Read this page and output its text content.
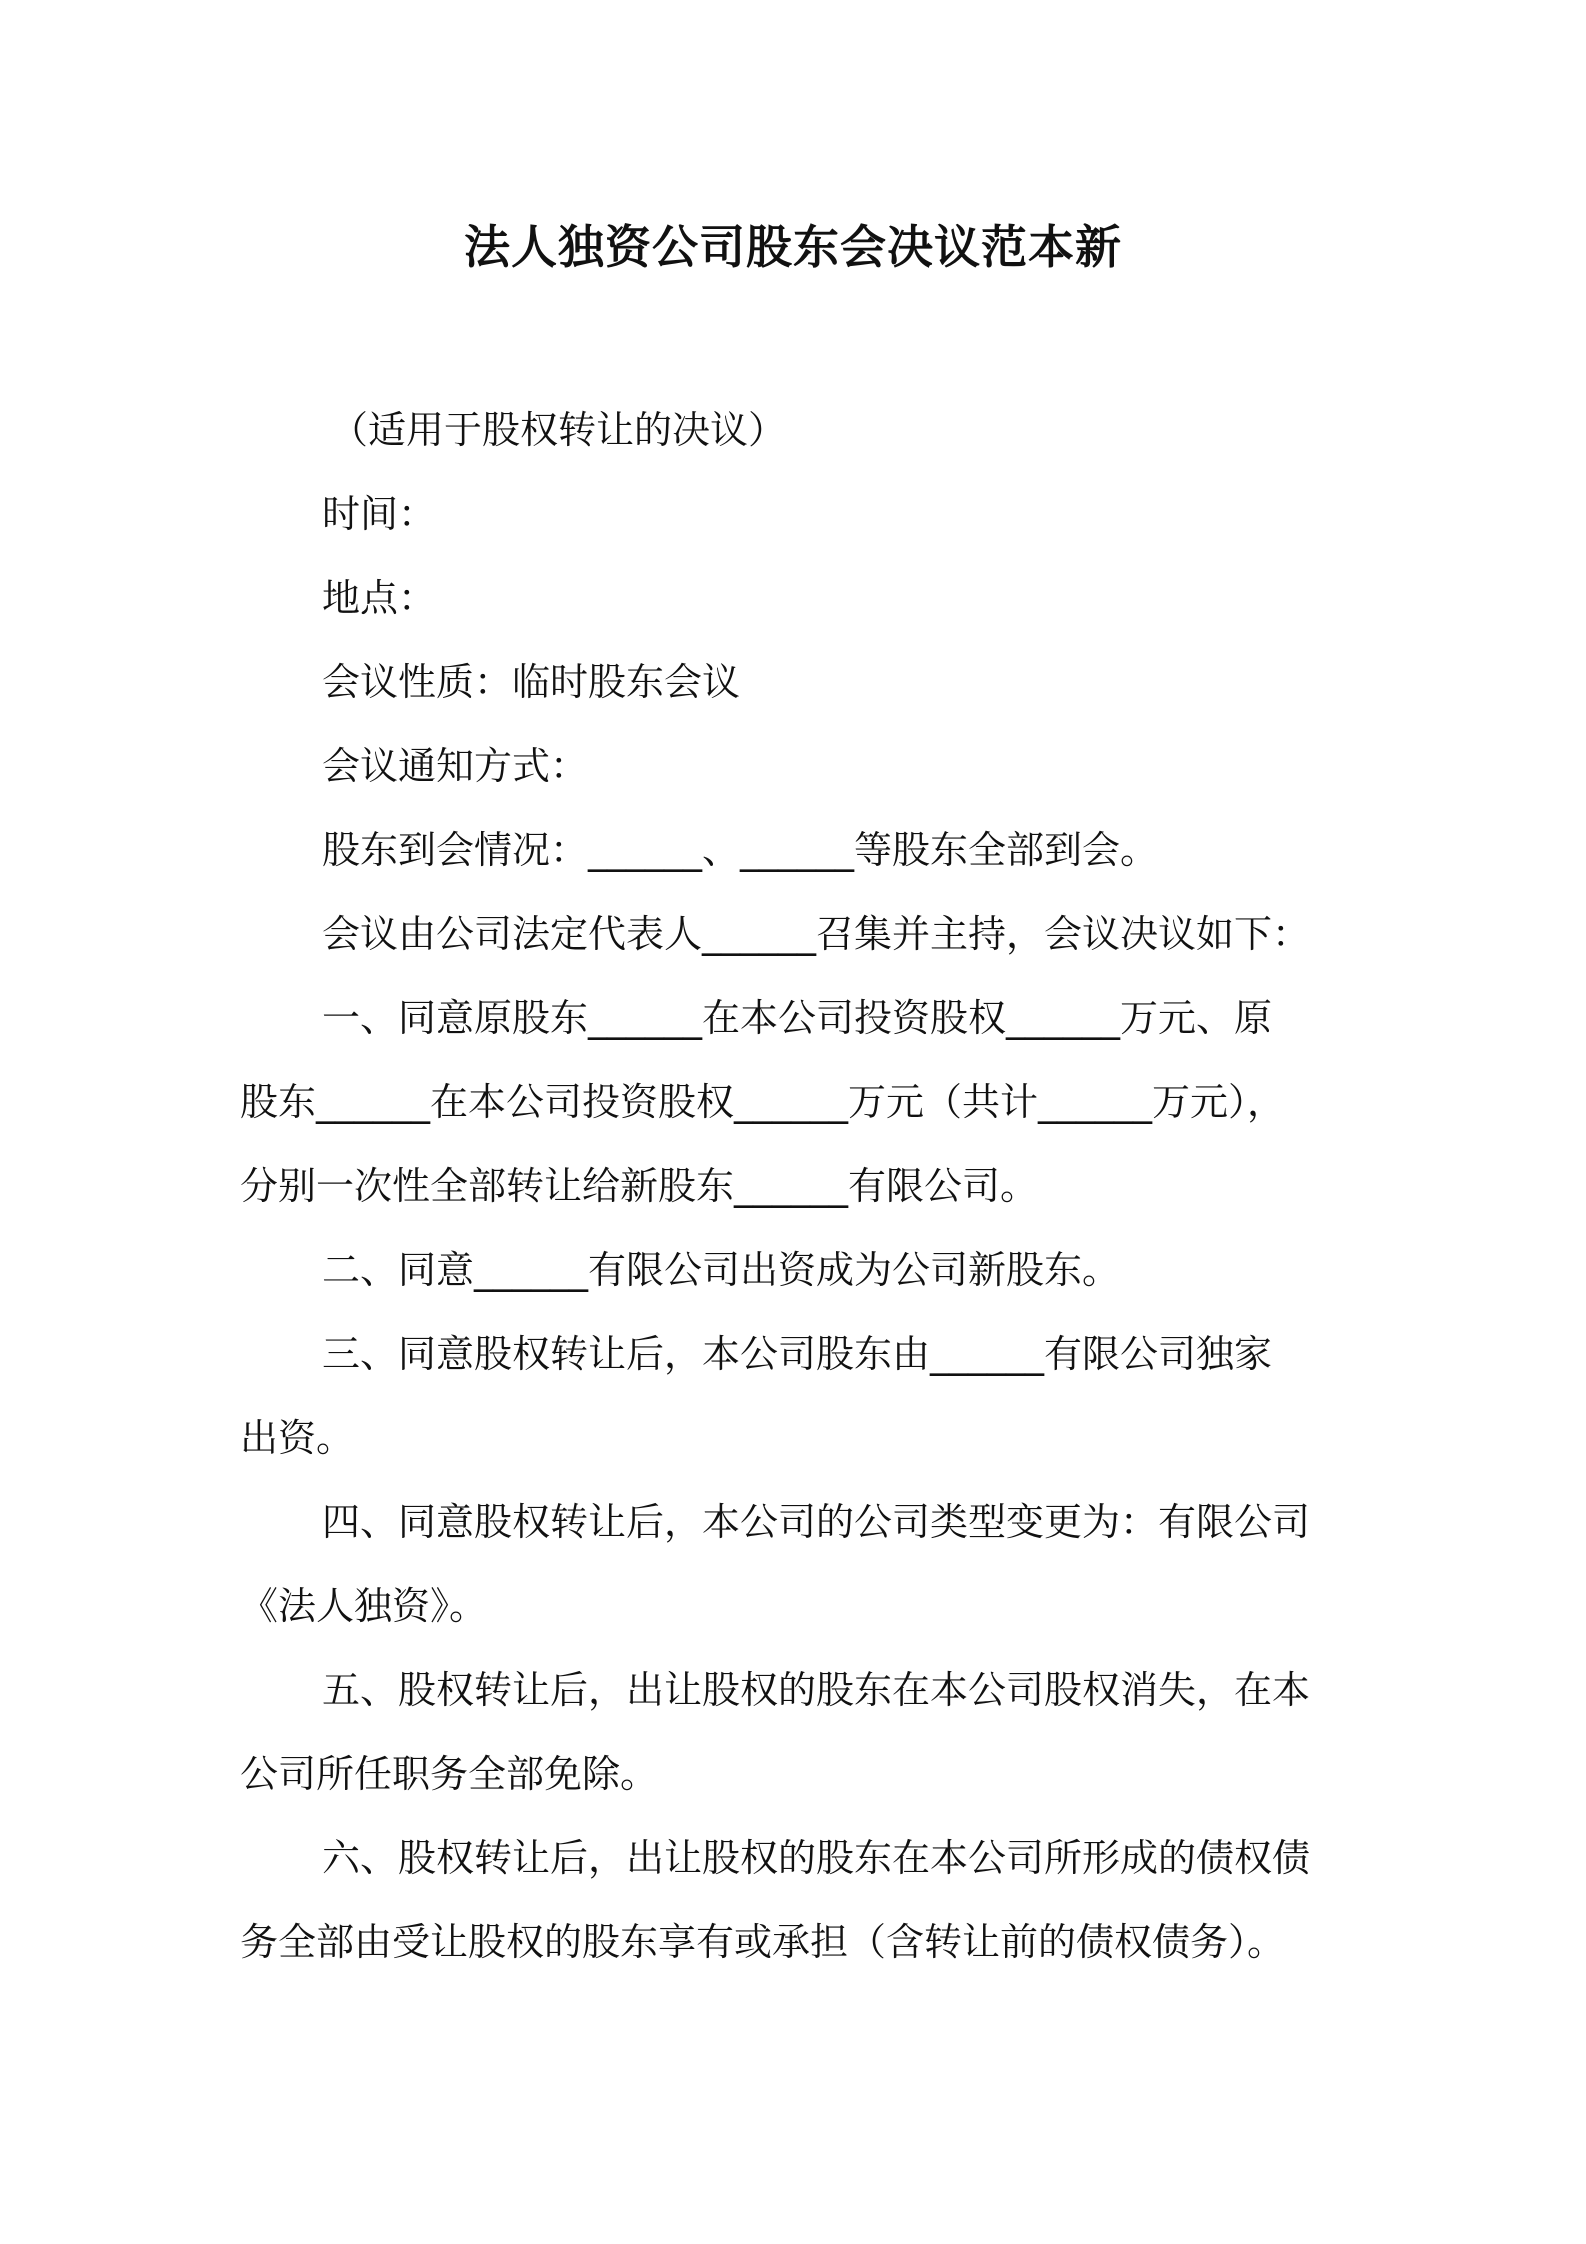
法人独资公司股东会决议范本新
（适用于股权转让的决议）
时间：
地点：
会议性质：临时股东会议
会议通知方式：
股东到会情况：______、______等股东全部到会。
会议由公司法定代表人______召集并主持，会议决议如下：
一、同意原股东______在本公司投资股权______万元、原
股东______在本公司投资股权______万元（共计______万元），
分别一次性全部转让给新股东______有限公司。
二、同意______有限公司出资成为公司新股东。
三、同意股权转让后，本公司股东由______有限公司独家
出资。
四、同意股权转让后，本公司的公司类型变更为：有限公司
《法人独资》。
五、股权转让后，出让股权的股东在本公司股权消失，在本
公司所任职务全部免除。
六、股权转让后，出让股权的股东在本公司所形成的债权债
务全部由受让股权的股东享有或承担（含转让前的债权债务）。
